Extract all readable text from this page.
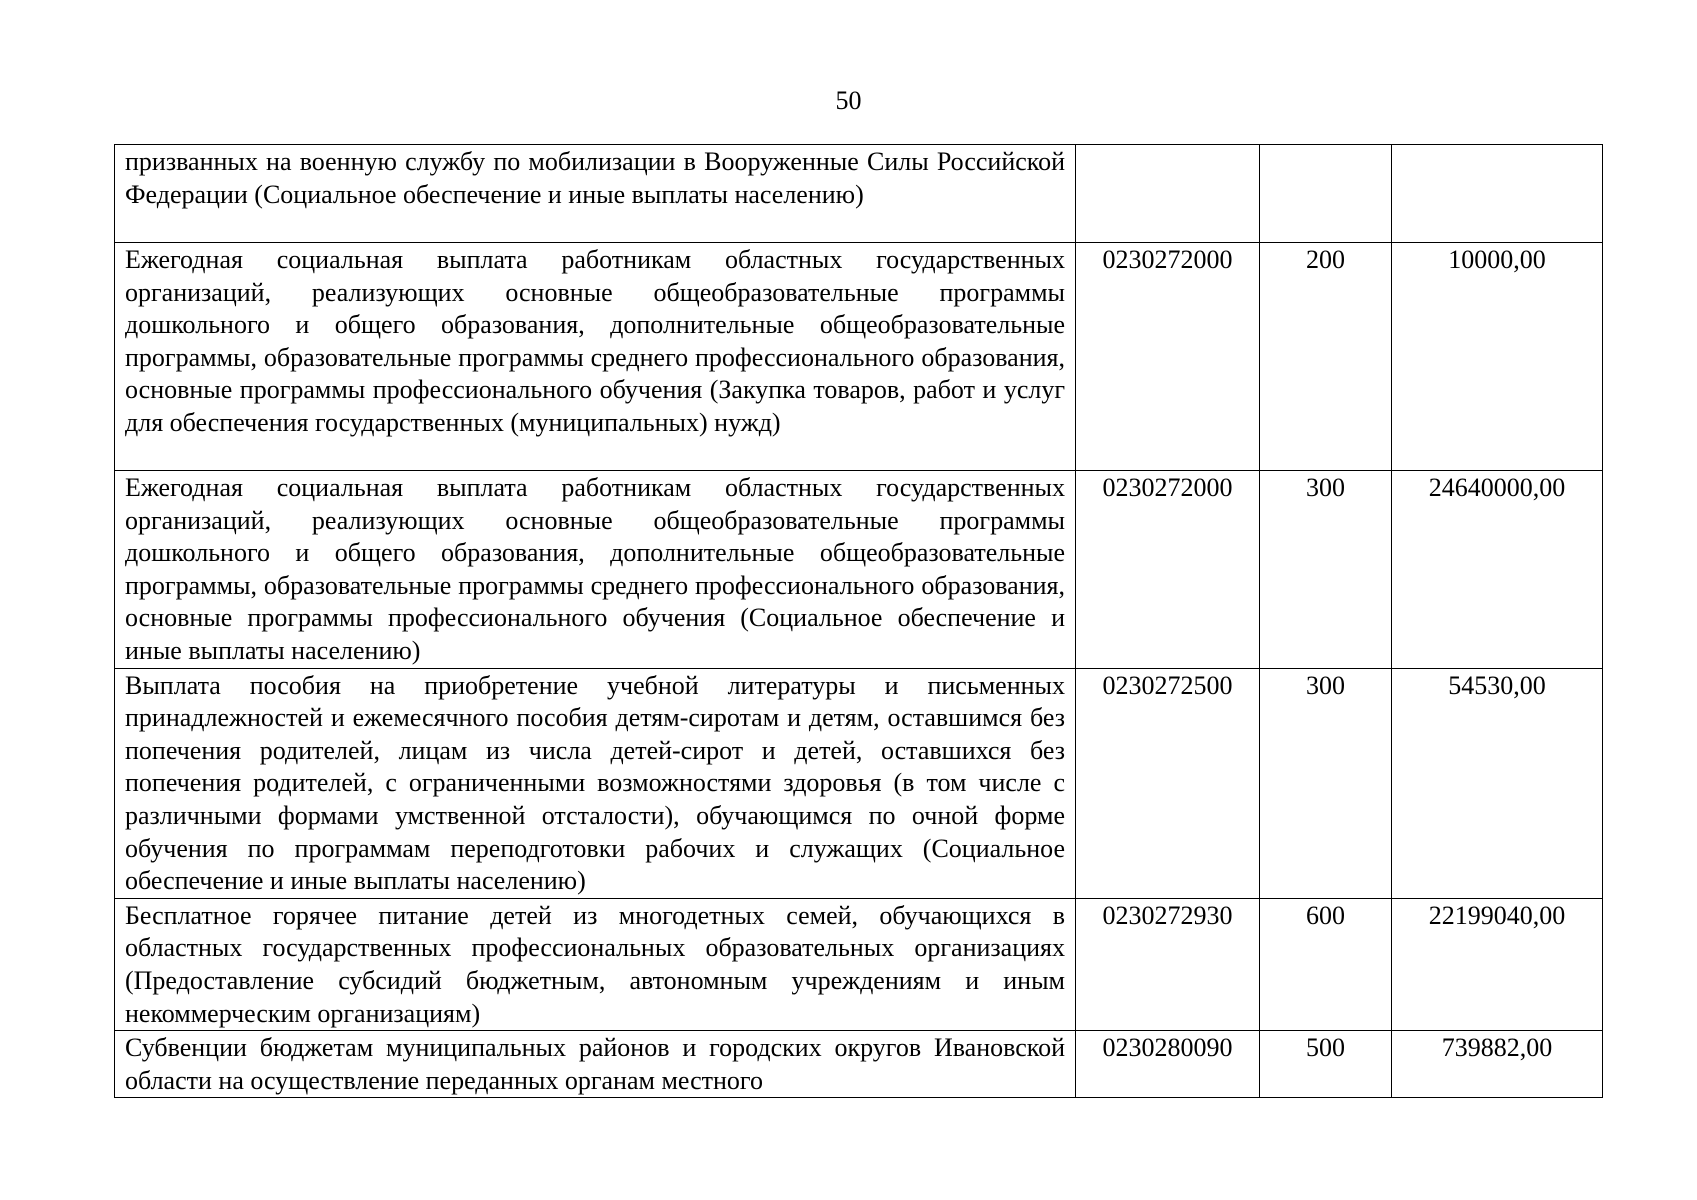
50
призванных на военную службу по мобилизации в Вооруженные Силы Российской Федерации (Социальное обеспечение и иные выплаты населению)			
Ежегодная социальная выплата работникам областных государственных организаций, реализующих основные общеобразовательные программы дошкольного и общего образования, дополнительные общеобразовательные программы, образовательные программы среднего профессионального образования, основные программы профессионального обучения (Закупка товаров, работ и услуг для обеспечения государственных (муниципальных) нужд)	0230272000	200	10000,00
Ежегодная социальная выплата работникам областных государственных организаций, реализующих основные общеобразовательные программы дошкольного и общего образования, дополнительные общеобразовательные программы, образовательные программы среднего профессионального образования, основные программы профессионального обучения (Социальное обеспечение и иные выплаты населению)	0230272000	300	24640000,00
Выплата пособия на приобретение учебной литературы и письменных принадлежностей и ежемесячного пособия детям-сиротам и детям, оставшимся без попечения родителей, лицам из числа детей-сирот и детей, оставшихся без попечения родителей, с ограниченными возможностями здоровья (в том числе с различными формами умственной отсталости), обучающимся по очной форме обучения по программам переподготовки рабочих и служащих (Социальное обеспечение и иные выплаты населению)	0230272500	300	54530,00
Бесплатное горячее питание детей из многодетных семей, обучающихся в областных государственных профессиональных образовательных организациях (Предоставление субсидий бюджетным, автономным учреждениям и иным некоммерческим организациям)	0230272930	600	22199040,00
Субвенции бюджетам муниципальных районов и городских округов Ивановской области на осуществление переданных органам местного	0230280090	500	739882,00
